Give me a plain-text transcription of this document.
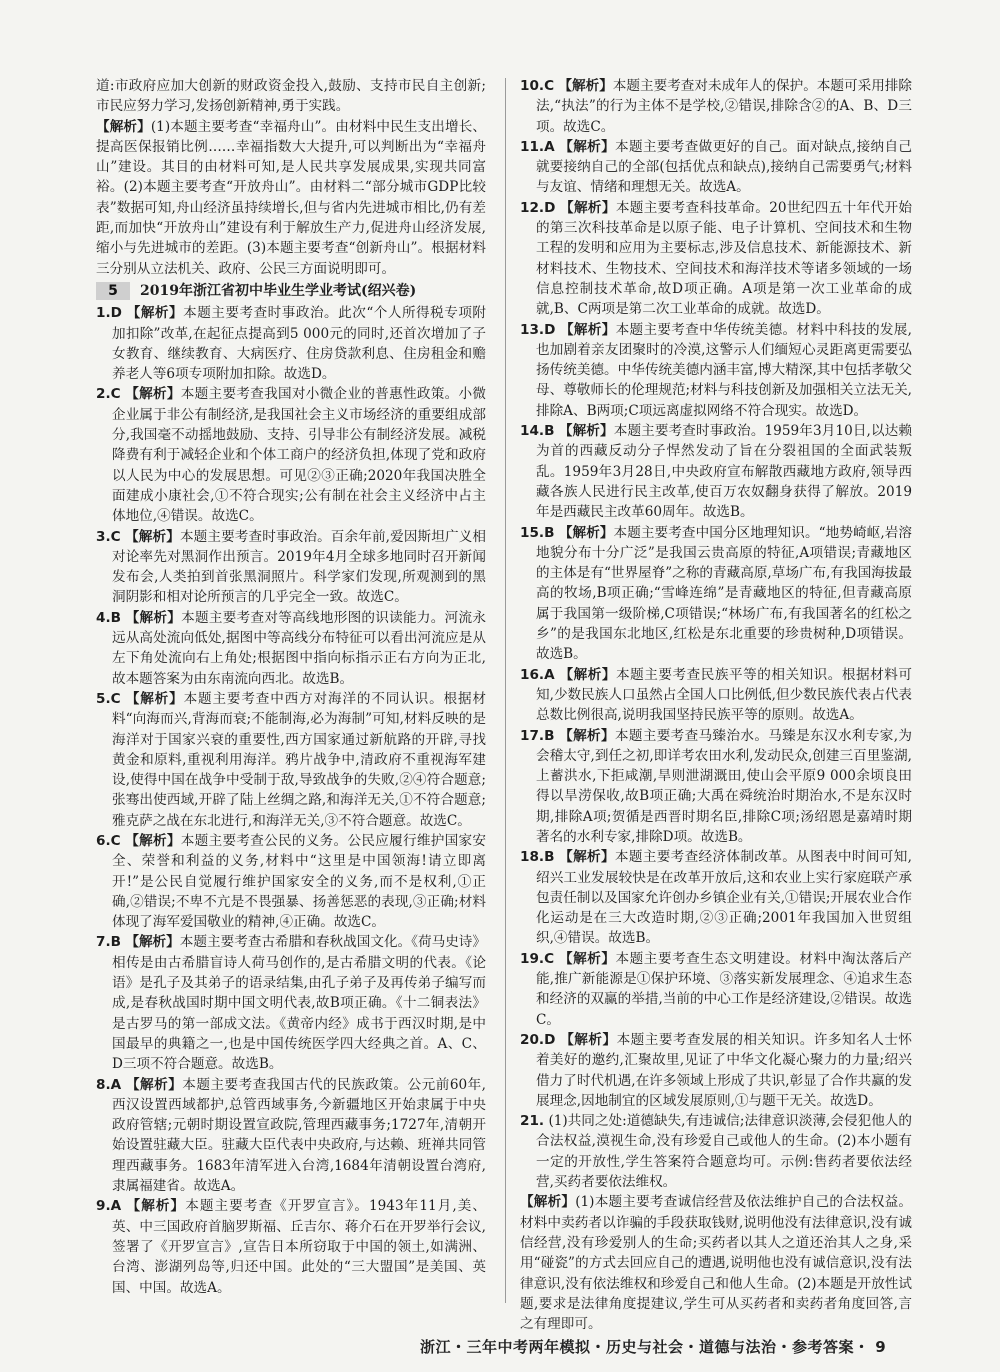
道:市政府应加大创新的财政资金投入,鼓励、支持市民自主创新;市民应努力学习,发扬创新精神,勇于实践。

【解析】(1)本题主要考查“幸福舟山”。由材料中民生支出增长、提高医保报销比例……幸福指数大大提升,可以判断出为“幸福舟山”建设。其目的由材料可知,是人民共享发展成果,实现共同富裕。(2)本题主要考查“开放舟山”。由材料二“部分城市GDP比较表”数据可知,舟山经济虽持续增长,但与省内先进城市相比,仍有差距,而加快“开放舟山”建设有利于解放生产力,促进舟山经济发展,缩小与先进城市的差距。(3)本题主要考查“创新舟山”。根据材料三分别从立法机关、政府、公民三方面说明即可。

5	2019年浙江省初中毕业生学业考试(绍兴卷)

1.D 【解析】本题主要考查时事政治。此次“个人所得税专项附加扣除”改革,在起征点提高到5 000元的同时,还首次增加了子女教育、继续教育、大病医疗、住房贷款利息、住房租金和赡养老人等6项专项附加扣除。故选D。

2.C 【解析】本题主要考查我国对小微企业的普惠性政策。小微企业属于非公有制经济,是我国社会主义市场经济的重要组成部分,我国毫不动摇地鼓励、支持、引导非公有制经济发展。减税降费有利于减轻企业和个体工商户的经济负担,体现了党和政府以人民为中心的发展思想。可见②③正确;2020年我国决胜全面建成小康社会,①不符合现实;公有制在社会主义经济中占主体地位,④错误。故选C。

3.C 【解析】本题主要考查时事政治。百余年前,爱因斯坦广义相对论率先对黑洞作出预言。2019年4月全球多地同时召开新闻发布会,人类拍到首张黑洞照片。科学家们发现,所观测到的黑洞阴影和相对论所预言的几乎完全一致。故选C。

4.B 【解析】本题主要考查对等高线地形图的识读能力。河流永远从高处流向低处,据图中等高线分布特征可以看出河流应是从左下角处流向右上角处;根据图中指向标指示正右方向为正北,故本题答案为由东南流向西北。故选B。

5.C 【解析】本题主要考查中西方对海洋的不同认识。根据材料“向海而兴,背海而衰;不能制海,必为海制”可知,材料反映的是海洋对于国家兴衰的重要性,西方国家通过新航路的开辟,寻找黄金和原料,重视利用海洋。鸦片战争中,清政府不重视海军建设,使得中国在战争中受制于敌,导致战争的失败,②④符合题意;张骞出使西域,开辟了陆上丝绸之路,和海洋无关,①不符合题意;雅克萨之战在东北进行,和海洋无关,③不符合题意。故选C。

6.C 【解析】本题主要考查公民的义务。公民应履行维护国家安全、荣誉和利益的义务,材料中“这里是中国领海!请立即离开!”是公民自觉履行维护国家安全的义务,而不是权利,①正确,②错误;不卑不亢是不畏强暴、扬善惩恶的表现,③正确;材料体现了海军爱国敬业的精神,④正确。故选C。

7.B 【解析】本题主要考查古希腊和春秋战国文化。《荷马史诗》相传是由古希腊盲诗人荷马创作的,是古希腊文明的代表。《论语》是孔子及其弟子的语录结集,由孔子弟子及再传弟子编写而成,是春秋战国时期中国文明代表,故B项正确。《十二铜表法》是古罗马的第一部成文法。《黄帝内经》成书于西汉时期,是中国最早的典籍之一,也是中国传统医学四大经典之首。A、C、D三项不符合题意。故选B。

8.A 【解析】本题主要考查我国古代的民族政策。公元前60年,西汉设置西域都护,总管西域事务,今新疆地区开始隶属于中央政府管辖;元朝时期设置宣政院,管理西藏事务;1727年,清朝开始设置驻藏大臣。驻藏大臣代表中央政府,与达赖、班禅共同管理西藏事务。1683年清军进入台湾,1684年清朝设置台湾府,隶属福建省。故选A。

9.A 【解析】本题主要考查《开罗宣言》。1943年11月,美、英、中三国政府首脑罗斯福、丘吉尔、蒋介石在开罗举行会议,签署了《开罗宣言》,宣告日本所窃取于中国的领土,如满洲、台湾、澎湖列岛等,归还中国。此处的“三大盟国”是美国、英国、中国。故选A。

10.C 【解析】本题主要考查对未成年人的保护。本题可采用排除法,“执法”的行为主体不是学校,②错误,排除含②的A、B、D三项。故选C。

11.A 【解析】本题主要考查做更好的自己。面对缺点,接纳自己就要接纳自己的全部(包括优点和缺点),接纳自己需要勇气;材料与友谊、情绪和理想无关。故选A。

12.D 【解析】本题主要考查科技革命。20世纪四五十年代开始的第三次科技革命是以原子能、电子计算机、空间技术和生物工程的发明和应用为主要标志,涉及信息技术、新能源技术、新材料技术、生物技术、空间技术和海洋技术等诸多领域的一场信息控制技术革命,故D项正确。A项是第一次工业革命的成就,B、C两项是第二次工业革命的成就。故选D。

13.D 【解析】本题主要考查中华传统美德。材料中科技的发展,也加剧着亲友团聚时的冷漠,这警示人们缅短心灵距离更需要弘扬传统美德。中华传统美德内涵丰富,博大精深,其中包括孝敬父母、尊敬师长的伦理规范;材料与科技创新及加强相关立法无关,排除A、B两项;C项远离虚拟网络不符合现实。故选D。

14.B 【解析】本题主要考查时事政治。1959年3月10日,以达赖为首的西藏反动分子悍然发动了旨在分裂祖国的全面武装叛乱。1959年3月28日,中央政府宣布解散西藏地方政府,领导西藏各族人民进行民主改革,使百万农奴翻身获得了解放。2019年是西藏民主改革60周年。故选B。

15.B 【解析】本题主要考查中国分区地理知识。“地势崎岖,岩溶地貌分布十分广泛”是我国云贵高原的特征,A项错误;青藏地区的主体是有“世界屋脊”之称的青藏高原,草场广布,有我国海拔最高的牧场,B项正确;“雪峰连绵”是青藏地区的特征,但青藏高原属于我国第一级阶梯,C项错误;“林场广布,有我国著名的红松之乡”的是我国东北地区,红松是东北重要的珍贵树种,D项错误。故选B。

16.A 【解析】本题主要考查民族平等的相关知识。根据材料可知,少数民族人口虽然占全国人口比例低,但少数民族代表占代表总数比例很高,说明我国坚持民族平等的原则。故选A。

17.B 【解析】本题主要考查马臻治水。马臻是东汉水利专家,为会稽太守,到任之初,即详考农田水利,发动民众,创建三百里鉴湖,上蓄洪水,下拒咸潮,旱则泄湖溉田,使山会平原9 000余顷良田得以旱涝保收,故B项正确;大禹在舜统治时期治水,不是东汉时期,排除A项;贺循是西晋时期名臣,排除C项;汤绍恩是嘉靖时期著名的水利专家,排除D项。故选B。

18.B 【解析】本题主要考查经济体制改革。从图表中时间可知,绍兴工业发展较快是在改革开放后,这和农业上实行家庭联产承包责任制以及国家允许创办乡镇企业有关,①错误;开展农业合作化运动是在三大改造时期,②③正确;2001年我国加入世贸组织,④错误。故选B。

19.C 【解析】本题主要考查生态文明建设。材料中淘汰落后产能,推广新能源是①保护环境、③落实新发展理念、④追求生态和经济的双赢的举措,当前的中心工作是经济建设,②错误。故选C。

20.D 【解析】本题主要考查发展的相关知识。许多知名人士怀着美好的邀约,汇聚故里,见证了中华文化凝心聚力的力量;绍兴借力了时代机遇,在许多领域上形成了共识,彰显了合作共赢的发展理念,因地制宜的区域发展原则,①与题干无关。故选D。

21. (1)共同之处:道德缺失,有违诚信;法律意识淡薄,会侵犯他人的合法权益,漠视生命,没有珍爱自己或他人的生命。(2)本小题有一定的开放性,学生答案符合题意均可。示例:售药者要依法经营,买药者要依法维权。

【解析】(1)本题主要考查诚信经营及依法维护自己的合法权益。材料中卖药者以诈骗的手段获取钱财,说明他没有法律意识,没有诚信经营,没有珍爱别人的生命;买药者以其人之道还治其人之身,采用“碰瓷”的方式去回应自己的遭遇,说明他也没有诚信意识,没有法律意识,没有依法维权和珍爱自己和他人生命。(2)本题是开放性试题,要求是法律角度提建议,学生可从买药者和卖药者角度回答,言之有理即可。

浙江・三年中考两年模拟・历史与社会・道德与法治・参考答案・ 9
